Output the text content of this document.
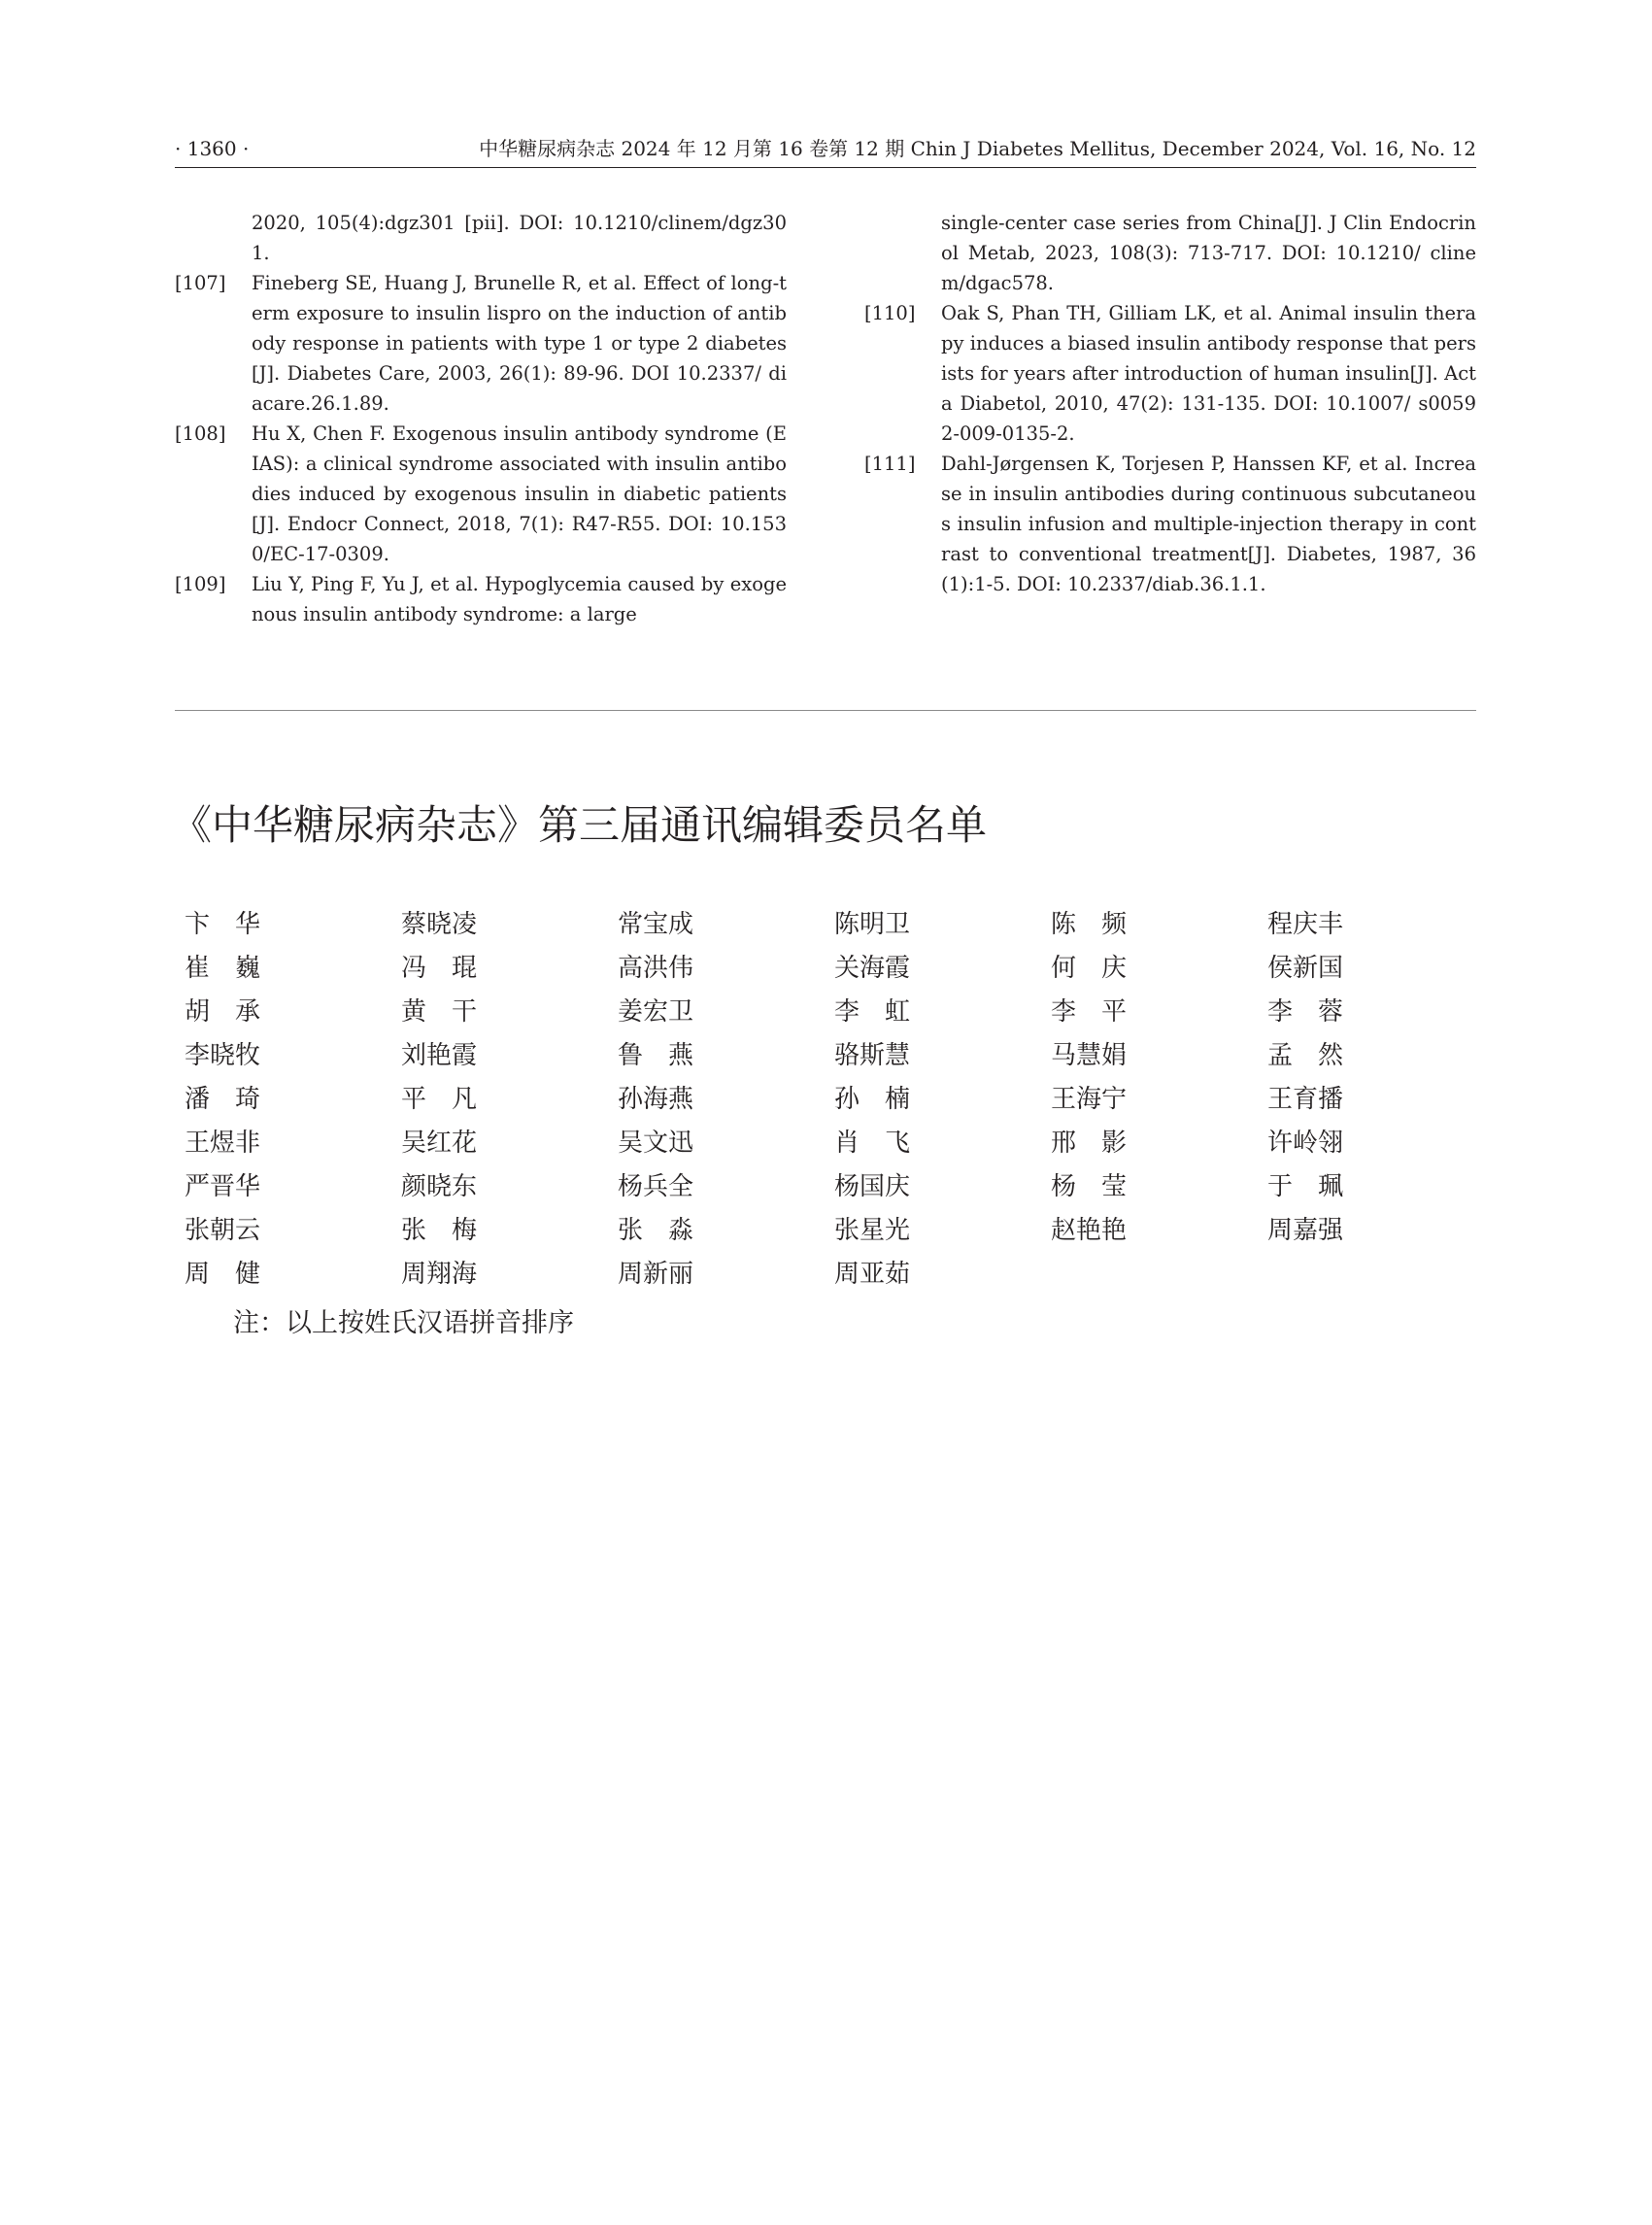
· 1360 ·	中华糖尿病杂志 2024 年 12 月第 16 卷第 12 期 Chin J Diabetes Mellitus, December 2024, Vol. 16, No. 12
2020, 105(4):dgz301 [pii]. DOI: 10.1210/clinem/dgz301.
[107]	Fineberg SE, Huang J, Brunelle R, et al. Effect of long-term exposure to insulin lispro on the induction of antibody response in patients with type 1 or type 2 diabetes[J]. Diabetes Care, 2003, 26(1): 89-96. DOI 10.2337/ diacare.26.1.89.
[108]	Hu X, Chen F. Exogenous insulin antibody syndrome (EIAS): a clinical syndrome associated with insulin antibodies induced by exogenous insulin in diabetic patients[J]. Endocr Connect, 2018, 7(1): R47-R55. DOI: 10.1530/EC-17-0309.
[109]	Liu Y, Ping F, Yu J, et al. Hypoglycemia caused by exogenous insulin antibody syndrome: a large
single-center case series from China[J]. J Clin Endocrinol Metab, 2023, 108(3): 713-717. DOI: 10.1210/ clinem/dgac578.
[110]	Oak S, Phan TH, Gilliam LK, et al. Animal insulin therapy induces a biased insulin antibody response that persists for years after introduction of human insulin[J]. Acta Diabetol, 2010, 47(2): 131-135. DOI: 10.1007/ s00592-009-0135-2.
[111]	Dahl-Jørgensen K, Torjesen P, Hanssen KF, et al. Increase in insulin antibodies during continuous subcutaneous insulin infusion and multiple-injection therapy in contrast to conventional treatment[J]. Diabetes, 1987, 36(1):1-5. DOI: 10.2337/diab.36.1.1.
《中华糖尿病杂志》第三届通讯编辑委员名单
卞　华	蔡晓凌	常宝成	陈明卫	陈　频	程庆丰
崔　巍	冯　琨	高洪伟	关海霞	何　庆	侯新国
胡　承	黄　干	姜宏卫	李　虹	李　平	李　蓉
李晓牧	刘艳霞	鲁　燕	骆斯慧	马慧娟	孟　然
潘　琦	平　凡	孙海燕	孙　楠	王海宁	王育播
王煜非	吴红花	吴文迅	肖　飞	邢　影	许岭翎
严晋华	颜晓东	杨兵全	杨国庆	杨　莹	于　珮
张朝云	张　梅	张　淼	张星光	赵艳艳	周嘉强
周　健	周翔海	周新丽	周亚茹
注：以上按姓氏汉语拼音排序
